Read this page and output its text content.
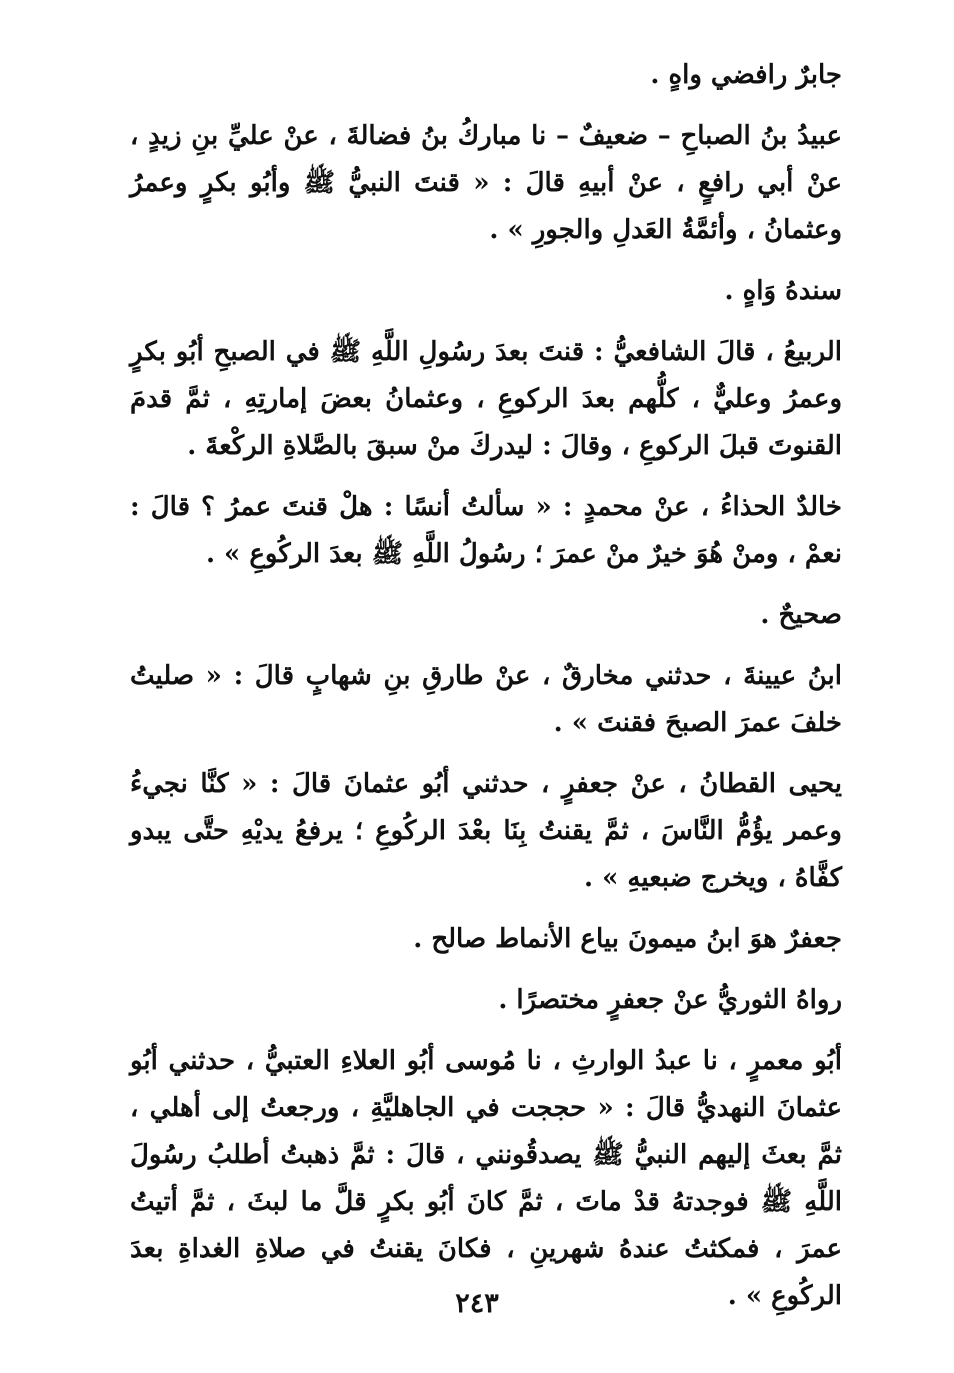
جابرٌ رافضي واهٍ .

عبيدُ بنُ الصباحِ – ضعيفٌ – نا مباركُ بنُ فضالةَ ، عنْ عليِّ بنِ زيدٍ ، عنْ أبي رافعٍ ، عنْ أبيهِ قالَ : « قنتَ النبيُّ ﷺ وأبُو بكرٍ وعمرُ وعثمانُ ، وأئمَّةُ العَدلِ والجورِ » .

سندهُ وَاهٍ .

الربيعُ ، قالَ الشافعيُّ : قنتَ بعدَ رسُولِ اللَّهِ ﷺ في الصبحِ أبُو بكرٍ وعمرُ وعليٌّ ، كلُّهم بعدَ الركوعِ ، وعثمانُ بعضَ إمارتِهِ ، ثمَّ قدمَ القنوتَ قبلَ الركوعِ ، وقالَ : ليدركَ منْ سبقَ بالصَّلاةِ الركْعةَ .

خالدٌ الحذاءُ ، عنْ محمدٍ : « سألتُ أنسًا : هلْ قنتَ عمرُ ؟ قالَ : نعمْ ، ومنْ هُوَ خيرٌ منْ عمرَ ؛ رسُولُ اللَّهِ ﷺ بعدَ الركُوعِ » .

صحيحٌ .

ابنُ عيينةَ ، حدثني مخارقٌ ، عنْ طارقِ بنِ شهابٍ قالَ : « صليتُ خلفَ عمرَ الصبحَ فقنتَ » .

يحيى القطانُ ، عنْ جعفرٍ ، حدثني أبُو عثمانَ قالَ : « كنَّا نجيءُ وعمر يؤُمُّ النَّاسَ ، ثمَّ يقنتُ بِنَا بعْدَ الركُوعِ ؛ يرفعُ يديْهِ حتَّى يبدو كفَّاهُ ، ويخرج ضبعيهِ » .

جعفرٌ هوَ ابنُ ميمونَ بياع الأنماط صالح .

رواهُ الثوريُّ عنْ جعفرٍ مختصرًا .

أبُو معمرٍ ، نا عبدُ الوارثِ ، نا مُوسى أبُو العلاءِ العتبيُّ ، حدثني أبُو عثمانَ النهديُّ قالَ : « حججت في الجاهليَّةِ ، ورجعتُ إلى أهلي ، ثمَّ بعثَ إليهم النبيُّ ﷺ يصدقُونني ، قالَ : ثمَّ ذهبتُ أطلبُ رسُولَ اللَّهِ ﷺ فوجدتهُ قدْ ماتَ ، ثمَّ كانَ أبُو بكرٍ قلَّ ما لبثَ ، ثمَّ أتيتُ عمرَ ، فمكثتُ عندهُ شهرينِ ، فكانَ يقنتُ في صلاةِ الغداةِ بعدَ الركُوعِ » .

٢٤٣
